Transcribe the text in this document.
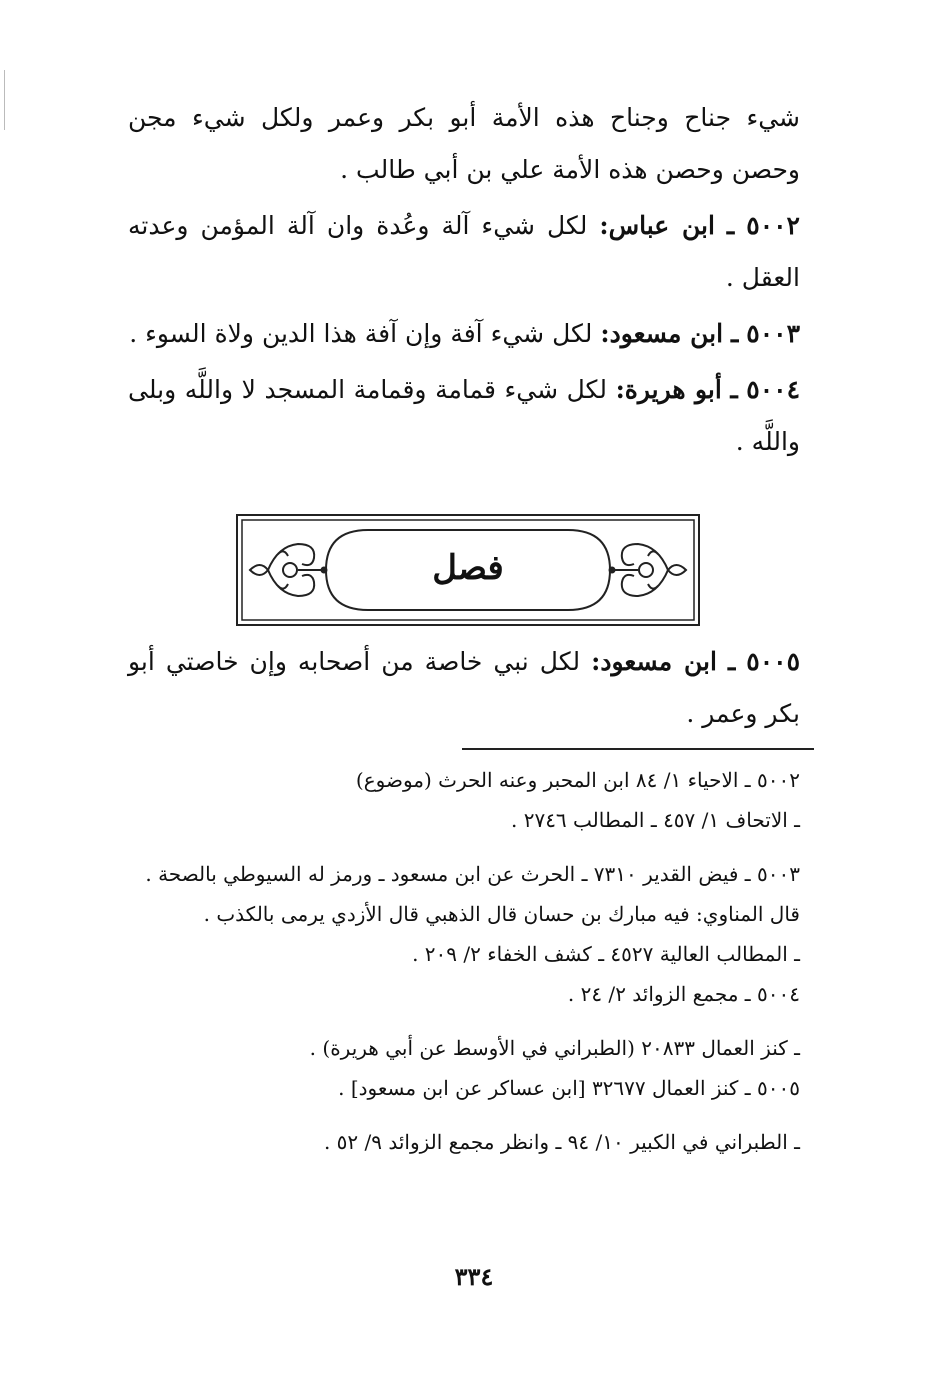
شيء جناح وجناح هذه الأمة أبو بكر وعمر ولكل شيء مجن وحصن وحصن هذه الأمة علي بن أبي طالب .

٥٠٠٢ ـ ابن عباس: لكل شيء آلة وعُدة وان آلة المؤمن وعدته العقل .

٥٠٠٣ ـ ابن مسعود: لكل شيء آفة وإن آفة هذا الدين ولاة السوء .

٥٠٠٤ ـ أبو هريرة: لكل شيء قمامة وقمامة المسجد لا واللَّه وبلى واللَّه .

فصل

٥٠٠٥ ـ ابن مسعود: لكل نبي خاصة من أصحابه وإن خاصتي أبو بكر وعمر .

٥٠٠٢ ـ الاحياء ١/ ٨٤ ابن المحبر وعنه الحرث (موضوع)

ـ الاتحاف ١/ ٤٥٧ ـ المطالب ٢٧٤٦ .

٥٠٠٣ ـ فيض القدير ٧٣١٠ ـ الحرث عن ابن مسعود ـ ورمز له السيوطي بالصحة .

قال المناوي: فيه مبارك بن حسان قال الذهبي قال الأزدي يرمى بالكذب .

ـ المطالب العالية ٤٥٢٧ ـ كشف الخفاء ٢/ ٢٠٩ .

٥٠٠٤ ـ مجمع الزوائد ٢/ ٢٤ .

ـ كنز العمال ٢٠٨٣٣ (الطبراني في الأوسط عن أبي هريرة) .

٥٠٠٥ ـ كنز العمال ٣٢٦٧٧ [ابن عساكر عن ابن مسعود] .

ـ الطبراني في الكبير ١٠/ ٩٤ ـ وانظر مجمع الزوائد ٩/ ٥٢ .

٣٣٤
